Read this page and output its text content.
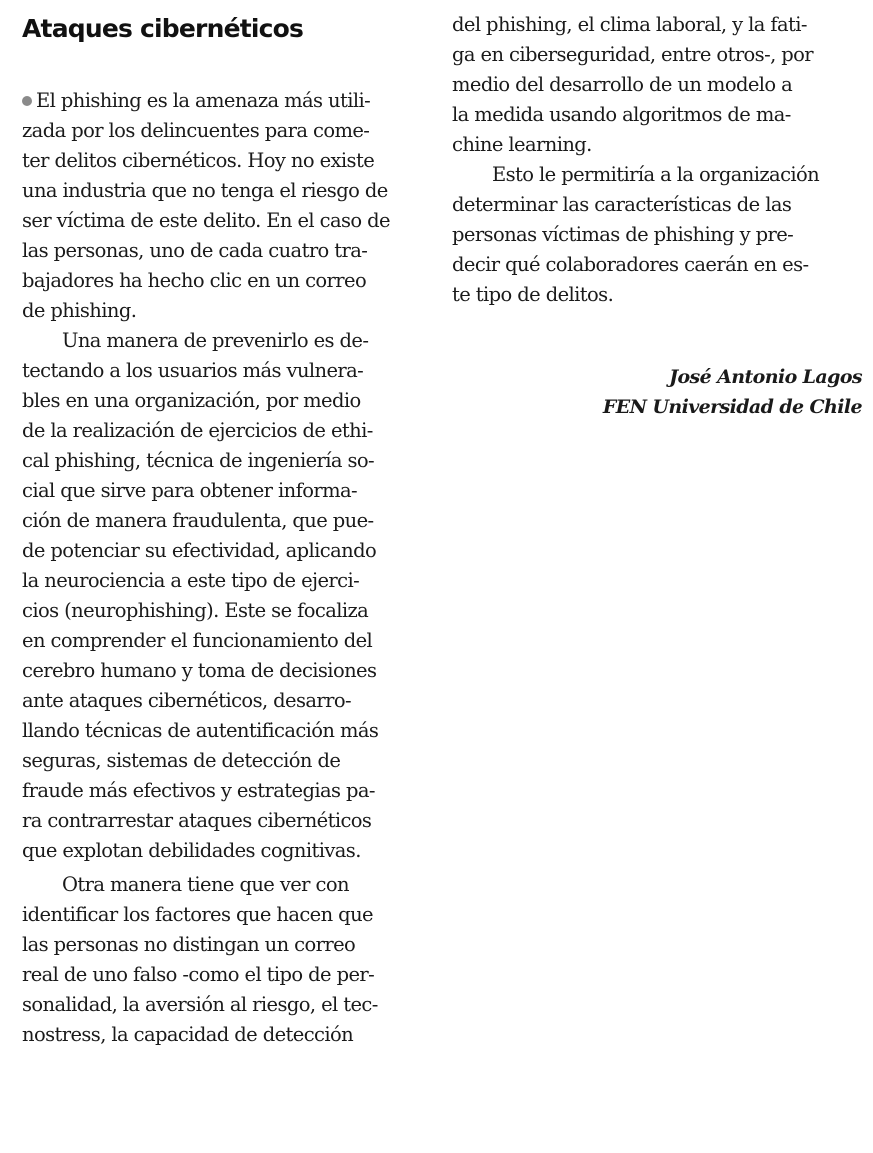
Ataques cibernéticos
El phishing es la amenaza más utili-
zada por los delincuentes para come-
ter delitos cibernéticos. Hoy no existe
una industria que no tenga el riesgo de
ser víctima de este delito. En el caso de
las personas, uno de cada cuatro tra-
bajadores ha hecho clic en un correo
de phishing.
Una manera de prevenirlo es de-
tectando a los usuarios más vulnera-
bles en una organización, por medio
de la realización de ejercicios de ethi-
cal phishing, técnica de ingeniería so-
cial que sirve para obtener informa-
ción de manera fraudulenta, que pue-
de potenciar su efectividad, aplicando
la neurociencia a este tipo de ejerci-
cios (neurophishing). Este se focaliza
en comprender el funcionamiento del
cerebro humano y toma de decisiones
ante ataques cibernéticos, desarro-
llando técnicas de autentificación más
seguras, sistemas de detección de
fraude más efectivos y estrategias pa-
ra contrarrestar ataques cibernéticos
que explotan debilidades cognitivas.
Otra manera tiene que ver con
identificar los factores que hacen que
las personas no distingan un correo
real de uno falso -como el tipo de per-
sonalidad, la aversión al riesgo, el tec-
nostress, la capacidad de detección
del phishing, el clima laboral, y la fati-
ga en ciberseguridad, entre otros-, por
medio del desarrollo de un modelo a
la medida usando algoritmos de ma-
chine learning.
Esto le permitiría a la organización
determinar las características de las
personas víctimas de phishing y pre-
decir qué colaboradores caerán en es-
te tipo de delitos.
José Antonio Lagos
FEN Universidad de Chile
